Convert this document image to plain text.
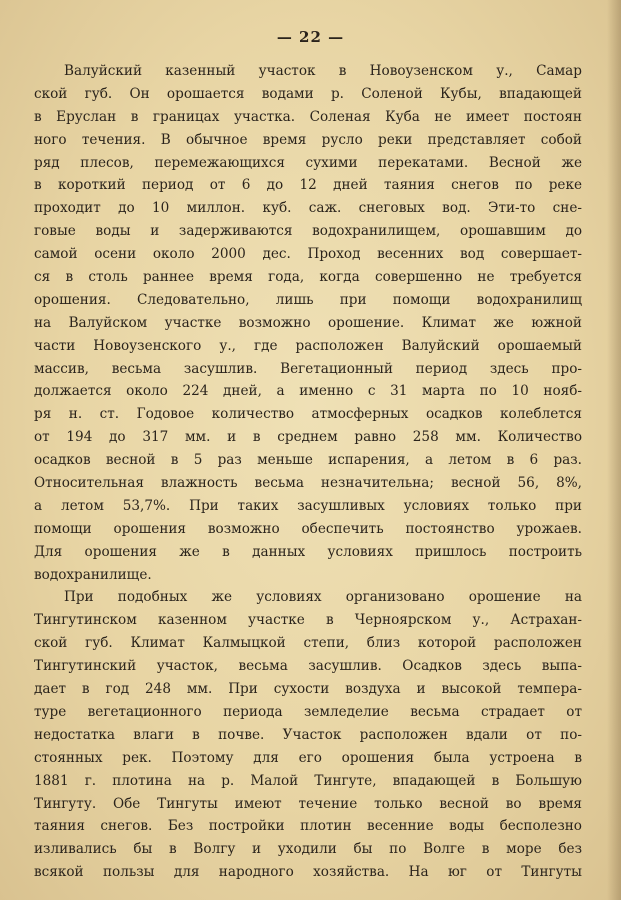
— 22 —
Валуйский казенный участок в Новоузенском у., Самар
ской губ. Он орошается водами р. Соленой Кубы, впадающей
в Еруслан в границах участка. Соленая Куба не имеет постоян
ного течения. В обычное время русло реки представляет собой
ряд плесов, перемежающихся сухими перекатами. Весной же
в короткий период от 6 до 12 дней таяния снегов по реке
проходит до 10 миллон. куб. саж. снеговых вод. Эти-то сне-
говые воды и задерживаются водохранилищем, орошавшим до
самой осени около 2000 дес. Проход весенних вод совершает-
ся в столь раннее время года, когда совершенно не требуется
орошения. Следовательно, лишь при помощи водохранилищ
на Валуйском участке возможно орошение. Климат же южной
части Новоузенского у., где расположен Валуйский орошаемый
массив, весьма засушлив. Вегетационный период здесь про-
должается около 224 дней, а именно с 31 марта по 10 нояб-
ря н. ст. Годовое количество атмосферных осадков колеблется
от 194 до 317 мм. и в среднем равно 258 мм. Количество
осадков весной в 5 раз меньше испарения, а летом в 6 раз.
Относительная влажность весьма незначительна; весной 56, 8%,
а летом 53,7%. При таких засушливых условиях только при
помощи орошения возможно обеспечить постоянство урожаев.
Для орошения же в данных условиях пришлось построить
водохранилище.
При подобных же условиях организовано орошение на
Тингутинском казенном участке в Черноярском у., Астрахан-
ской губ. Климат Калмыцкой степи, близ которой расположен
Тингутинский участок, весьма засушлив. Осадков здесь выпа-
дает в год 248 мм. При сухости воздуха и высокой темпера-
туре вегетационного периода земледелие весьма страдает от
недостатка влаги в почве. Участок расположен вдали от по-
стоянных рек. Поэтому для его орошения была устроена в
1881 г. плотина на р. Малой Тингуте, впадающей в Большую
Тингуту. Обе Тингуты имеют течение только весной во время
таяния снегов. Без постройки плотин весенние воды бесполезно
изливались бы в Волгу и уходили бы по Волге в море без
всякой пользы для народного хозяйства. На юг от Тингуты
